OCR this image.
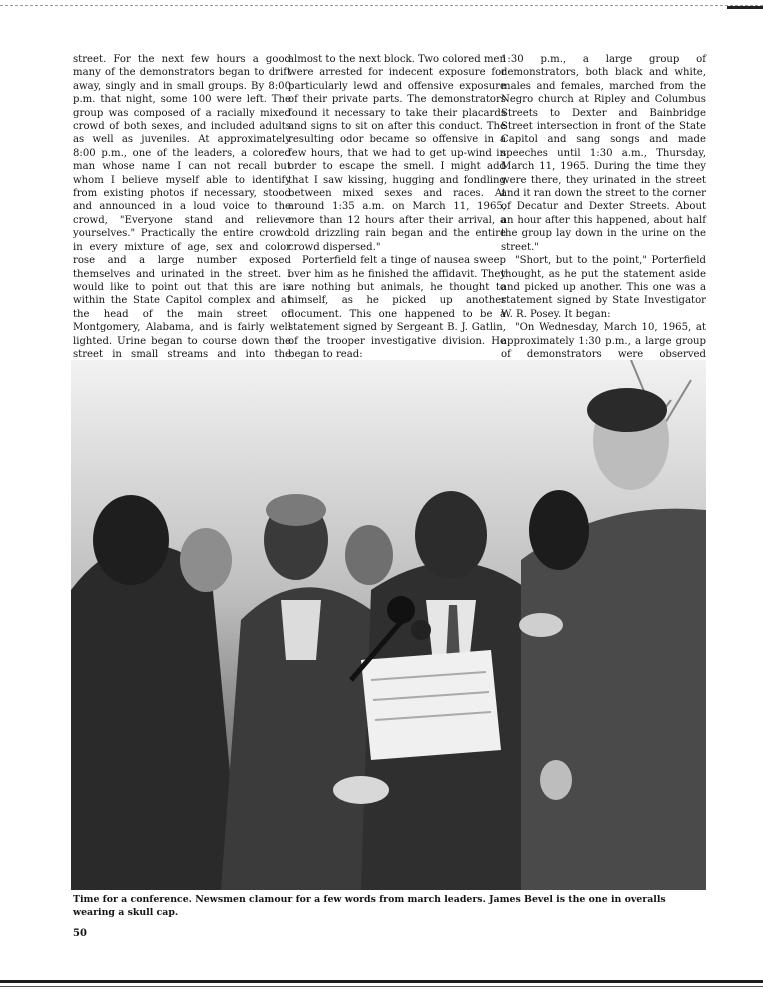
street. For the next few hours a good many of the demonstrators began to drift away, singly and in small groups. By 8:00 p.m. that night, some 100 were left. The group was composed of a racially mixed crowd of both sexes, and included adults as well as juveniles. At approximately 8:00 p.m., one of the leaders, a colored man whose name I can not recall but whom I believe myself able to identify from existing photos if necessary, stood and announced in a loud voice to the crowd, "Everyone stand and relieve yourselves." Practically the entire crowd in every mixture of age, sex and color rose and a large number exposed themselves and urinated in the street. I would like to point out that this are is within the State Capitol complex and at the head of the main street of Montgomery, Alabama, and is fairly well lighted. Urine began to course down the street in small streams and into the

almost to the next block. Two colored men were arrested for indecent exposure for particularly lewd and offensive exposure of their private parts. The demonstrators found it necessary to take their placards and signs to sit on after this conduct. The resulting odor became so offensive in a few hours, that we had to get up-wind in order to escape the smell. I might add that I saw kissing, hugging and fondling between mixed sexes and races. At around 1:35 a.m. on March 11, 1965, more than 12 hours after their arrival, a cold drizzling rain began and the entire crowd dispersed."

Porterfield felt a tinge of nausea sweep over him as he finished the affidavit. They are nothing but animals, he thought to himself, as he picked up another document. This one happened to be a statement signed by Sergeant B. J. Gatlin, of the trooper investigative division. He began to read:

1:30 p.m., a large group of demonstrators, both black and white, males and females, marched from the Negro church at Ripley and Columbus Streets to Dexter and Bainbridge Street intersection in front of the State Capitol and sang songs and made speeches until 1:30 a.m., Thursday, March 11, 1965. During the time they were there, they urinated in the street and it ran down the street to the corner of Decatur and Dexter Streets. About an hour after this happened, about half the group lay down in the urine on the street."

"Short, but to the point," Porterfield thought, as he put the statement aside and picked up another. This one was a statement signed by State Investigator W. R. Posey. It began:

"On Wednesday, March 10, 1965, at approximately 1:30 p.m., a large group of demonstrators were observed

Time for a conference. Newsmen clamour for a few words from march leaders. James Bevel is the one in overalls wearing a skull cap.
50
